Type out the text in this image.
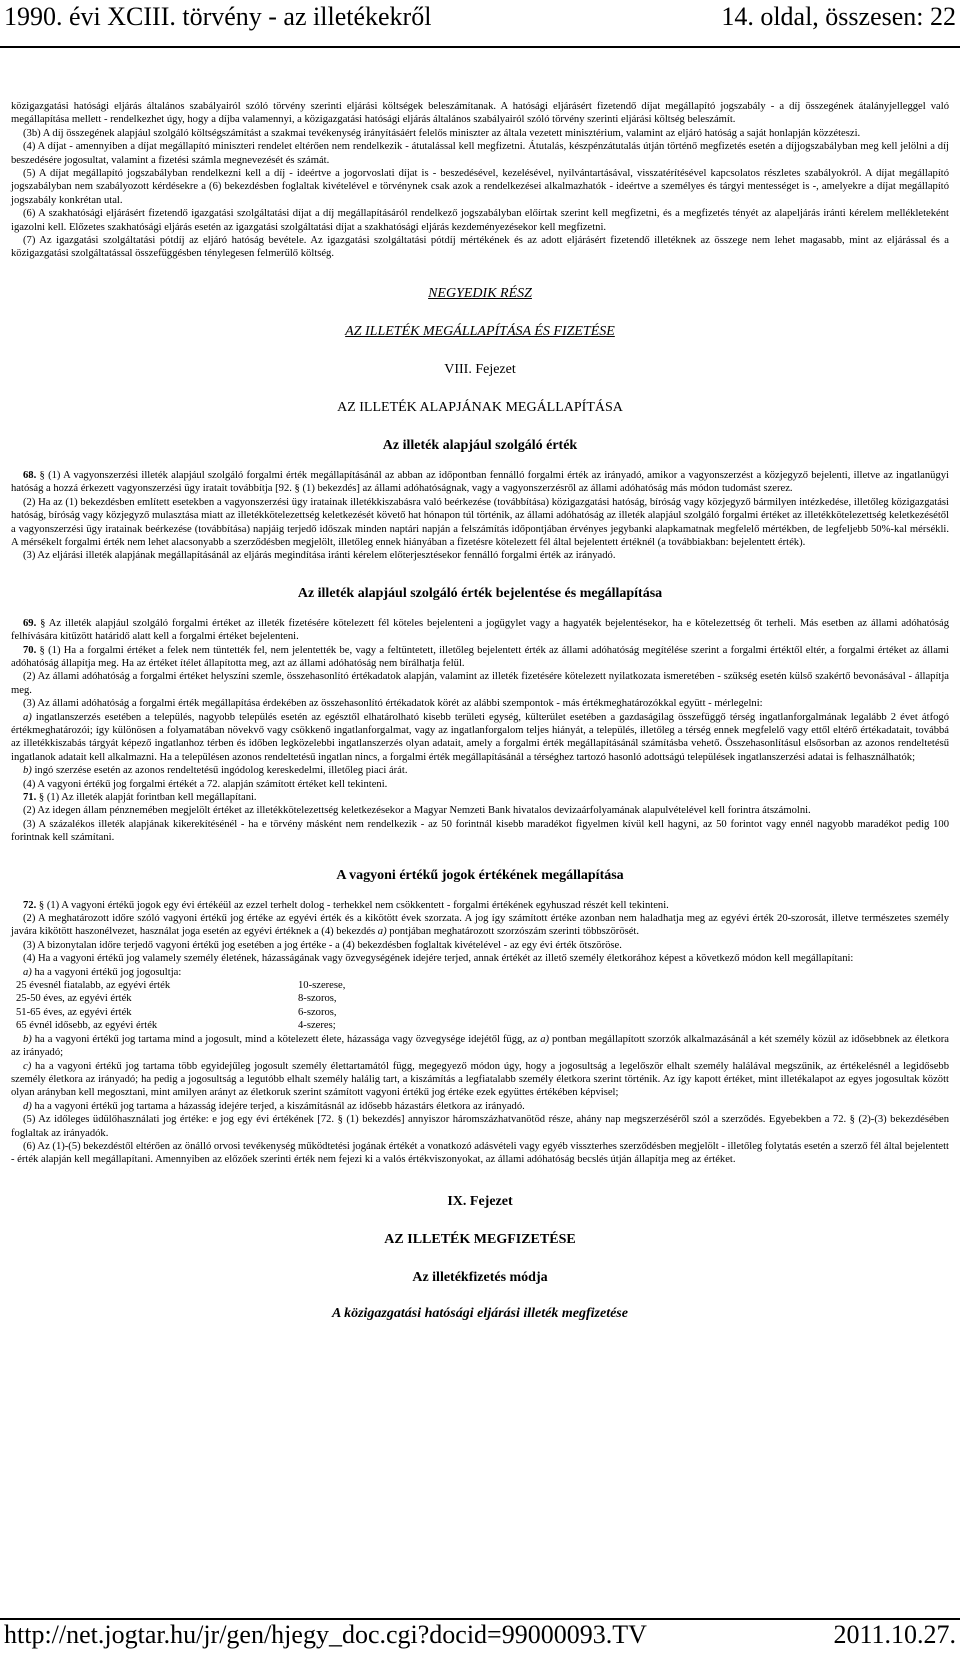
1990. évi XCIII. törvény - az illetékekről	14. oldal, összesen: 22

közigazgatási hatósági eljárás általános szabályairól szóló törvény szerinti eljárási költségek beleszámítanak. A hatósági eljárásért fizetendő díjat megállapító jogszabály - a díj összegének átalányjelleggel való megállapítása mellett - rendelkezhet úgy, hogy a díjba valamennyi, a közigazgatási hatósági eljárás általános szabályairól szóló törvény szerinti eljárási költség beleszámít.

(3b) A díj összegének alapjául szolgáló költségszámítást a szakmai tevékenység irányításáért felelős miniszter az általa vezetett minisztérium, valamint az eljáró hatóság a saját honlapján közzéteszi.

(4) A díjat - amennyiben a díjat megállapító miniszteri rendelet eltérően nem rendelkezik - átutalással kell megfizetni. Átutalás, készpénzátutalás útján történő megfizetés esetén a díjjogszabályban meg kell jelölni a díj beszedésére jogosultat, valamint a fizetési számla megnevezését és számát.

(5) A díjat megállapító jogszabályban rendelkezni kell a díj - ideértve a jogorvoslati díjat is - beszedésével, kezelésével, nyilvántartásával, visszatérítésével kapcsolatos részletes szabályokról. A díjat megállapító jogszabályban nem szabályozott kérdésekre a (6) bekezdésben foglaltak kivételével e törvénynek csak azok a rendelkezései alkalmazhatók - ideértve a személyes és tárgyi mentességet is -, amelyekre a díjat megállapító jogszabály konkrétan utal.

(6) A szakhatósági eljárásért fizetendő igazgatási szolgáltatási díjat a díj megállapításáról rendelkező jogszabályban előírtak szerint kell megfizetni, és a megfizetés tényét az alapeljárás iránti kérelem mellékleteként igazolni kell. Előzetes szakhatósági eljárás esetén az igazgatási szolgáltatási díjat a szakhatósági eljárás kezdeményezésekor kell megfizetni.

(7) Az igazgatási szolgáltatási pótdíj az eljáró hatóság bevétele. Az igazgatási szolgáltatási pótdíj mértékének és az adott eljárásért fizetendő illetéknek az összege nem lehet magasabb, mint az eljárással és a közigazgatási szolgáltatással összefüggésben ténylegesen felmerülő költség.

NEGYEDIK RÉSZ
AZ ILLETÉK MEGÁLLAPÍTÁSA ÉS FIZETÉSE
VIII. Fejezet
AZ ILLETÉK ALAPJÁNAK MEGÁLLAPÍTÁSA
Az illeték alapjául szolgáló érték

68. § (1) A vagyonszerzési illeték alapjául szolgáló forgalmi érték megállapításánál az abban az időpontban fennálló forgalmi érték az irányadó, amikor a vagyonszerzést a közjegyző bejelenti, illetve az ingatlanügyi hatóság a hozzá érkezett vagyonszerzési ügy iratait továbbítja [92. § (1) bekezdés] az állami adóhatóságnak, vagy a vagyonszerzésről az állami adóhatóság más módon tudomást szerez.

(2) Ha az (1) bekezdésben említett esetekben a vagyonszerzési ügy iratainak illetékkiszabásra való beérkezése (továbbítása) közigazgatási hatóság, bíróság vagy közjegyző bármilyen intézkedése, illetőleg közigazgatási hatóság, bíróság vagy közjegyző mulasztása miatt az illetékkötelezettség keletkezését követő hat hónapon túl történik, az állami adóhatóság az illeték alapjául szolgáló forgalmi értéket az illetékkötelezettség keletkezésétől a vagyonszerzési ügy iratainak beérkezése (továbbítása) napjáig terjedő időszak minden naptári napján a felszámítás időpontjában érvényes jegybanki alapkamatnak megfelelő mértékben, de legfeljebb 50%-kal mérsékli. A mérsékelt forgalmi érték nem lehet alacsonyabb a szerződésben megjelölt, illetőleg ennek hiányában a fizetésre kötelezett fél által bejelentett értéknél (a továbbiakban: bejelentett érték).

(3) Az eljárási illeték alapjának megállapításánál az eljárás megindítása iránti kérelem előterjesztésekor fennálló forgalmi érték az irányadó.

Az illeték alapjául szolgáló érték bejelentése és megállapítása

69. § Az illeték alapjául szolgáló forgalmi értéket az illeték fizetésére kötelezett fél köteles bejelenteni a jogügylet vagy a hagyaték bejelentésekor, ha e kötelezettség őt terheli. Más esetben az állami adóhatóság felhívására kitűzött határidő alatt kell a forgalmi értéket bejelenteni.

70. § (1) Ha a forgalmi értéket a felek nem tüntették fel, nem jelentették be, vagy a feltüntetett, illetőleg bejelentett érték az állami adóhatóság megítélése szerint a forgalmi értéktől eltér, a forgalmi értéket az állami adóhatóság állapítja meg. Ha az értéket ítélet állapította meg, azt az állami adóhatóság nem bírálhatja felül.

(2) Az állami adóhatóság a forgalmi értéket helyszíni szemle, összehasonlító értékadatok alapján, valamint az illeték fizetésére kötelezett nyilatkozata ismeretében - szükség esetén külső szakértő bevonásával - állapítja meg.

(3) Az állami adóhatóság a forgalmi érték megállapítása érdekében az összehasonlító értékadatok körét az alábbi szempontok - más értékmeghatározókkal együtt - mérlegelni:

a) ingatlanszerzés esetében a település, nagyobb település esetén az egésztől elhatárolható kisebb területi egység, külterület esetében a gazdaságilag összefüggő térség ingatlanforgalmának legalább 2 évet átfogó értékmeghatározói; így különösen a folyamatában növekvő vagy csökkenő ingatlanforgalmat, vagy az ingatlanforgalom teljes hiányát, a település, illetőleg a térség ennek megfelelő vagy ettől eltérő értékadatait, továbbá az illetékkiszabás tárgyát képező ingatlanhoz térben és időben legközelebbi ingatlanszerzés olyan adatait, amely a forgalmi érték megállapításánál számításba vehető. Összehasonlításul elsősorban az azonos rendeltetésű ingatlanok adatait kell alkalmazni. Ha a településen azonos rendeltetésű ingatlan nincs, a forgalmi érték megállapításánál a térséghez tartozó hasonló adottságú települések ingatlanszerzési adatai is felhasználhatók;

b) ingó szerzése esetén az azonos rendeltetésű ingódolog kereskedelmi, illetőleg piaci árát.

(4) A vagyoni értékű jog forgalmi értékét a 72. alapján számított értéket kell tekinteni.

71. § (1) Az illeték alapját forintban kell megállapítani.

(2) Az idegen állam pénznemében megjelölt értéket az illetékkötelezettség keletkezésekor a Magyar Nemzeti Bank hivatalos devizaárfolyamának alapulvételével kell forintra átszámolni.

(3) A százalékos illeték alapjának kikerekítésénél - ha e törvény másként nem rendelkezik - az 50 forintnál kisebb maradékot figyelmen kívül kell hagyni, az 50 forintot vagy ennél nagyobb maradékot pedig 100 forintnak kell számítani.

A vagyoni értékű jogok értékének megállapítása

72. § (1) A vagyoni értékű jogok egy évi értékéül az ezzel terhelt dolog - terhekkel nem csökkentett - forgalmi értékének egyhuszad részét kell tekinteni.

(2) A meghatározott időre szóló vagyoni értékű jog értéke az egyévi érték és a kikötött évek szorzata. A jog így számított értéke azonban nem haladhatja meg az egyévi érték 20-szorosát, illetve természetes személy javára kikötött haszonélvezet, használat joga esetén az egyévi értéknek a (4) bekezdés a) pontjában meghatározott szorzószám szerinti többszörösét.

(3) A bizonytalan időre terjedő vagyoni értékű jog esetében a jog értéke - a (4) bekezdésben foglaltak kivételével - az egy évi érték ötszöröse.

(4) Ha a vagyoni értékű jog valamely személy életének, házasságának vagy özvegységének idejére terjed, annak értékét az illető személy életkorához képest a következő módon kell megállapítani:

a) ha a vagyoni értékű jog jogosultja:

25 évesnél fiatalabb, az egyévi érték	10-szerese,
25-50 éves, az egyévi érték	8-szoros,
51-65 éves, az egyévi érték	6-szoros,
65 évnél idősebb, az egyévi érték	4-szeres;

b) ha a vagyoni értékű jog tartama mind a jogosult, mind a kötelezett élete, házassága vagy özvegysége idejétől függ, az a) pontban megállapított szorzók alkalmazásánál a két személy közül az idősebbnek az életkora az irányadó;

c) ha a vagyoni értékű jog tartama több egyidejűleg jogosult személy élettartamától függ, megegyező módon úgy, hogy a jogosultság a legelőször elhalt személy halálával megszűnik, az értékelésnél a legidősebb személy életkora az irányadó; ha pedig a jogosultság a legutóbb elhalt személy halálig tart, a kiszámítás a legfiatalabb személy életkora szerint történik. Az így kapott értéket, mint illetékalapot az egyes jogosultak között olyan arányban kell megosztani, mint amilyen arányt az életkoruk szerint számított vagyoni értékű jog értéke ezek együttes értékében képvisel;

d) ha a vagyoni értékű jog tartama a házasság idejére terjed, a kiszámításnál az idősebb házastárs életkora az irányadó.

(5) Az időleges üdülőhasználati jog értéke: e jog egy évi értékének [72. § (1) bekezdés] annyiszor háromszázhatvanötöd része, ahány nap megszerzéséről szól a szerződés. Egyebekben a 72. § (2)-(3) bekezdésében foglaltak az irányadók.

(6) Az (1)-(5) bekezdéstől eltérően az önálló orvosi tevékenység működtetési jogának értékét a vonatkozó adásvételi vagy egyéb visszterhes szerződésben megjelölt - illetőleg folytatás esetén a szerző fél által bejelentett - érték alapján kell megállapítani. Amennyiben az előzőek szerinti érték nem fejezi ki a valós értékviszonyokat, az állami adóhatóság becslés útján állapítja meg az értéket.

IX. Fejezet
AZ ILLETÉK MEGFIZETÉSE
Az illetékfizetés módja
A közigazgatási hatósági eljárási illeték megfizetése
http://net.jogtar.hu/jr/gen/hjegy_doc.cgi?docid=99000093.TV	2011.10.27.
